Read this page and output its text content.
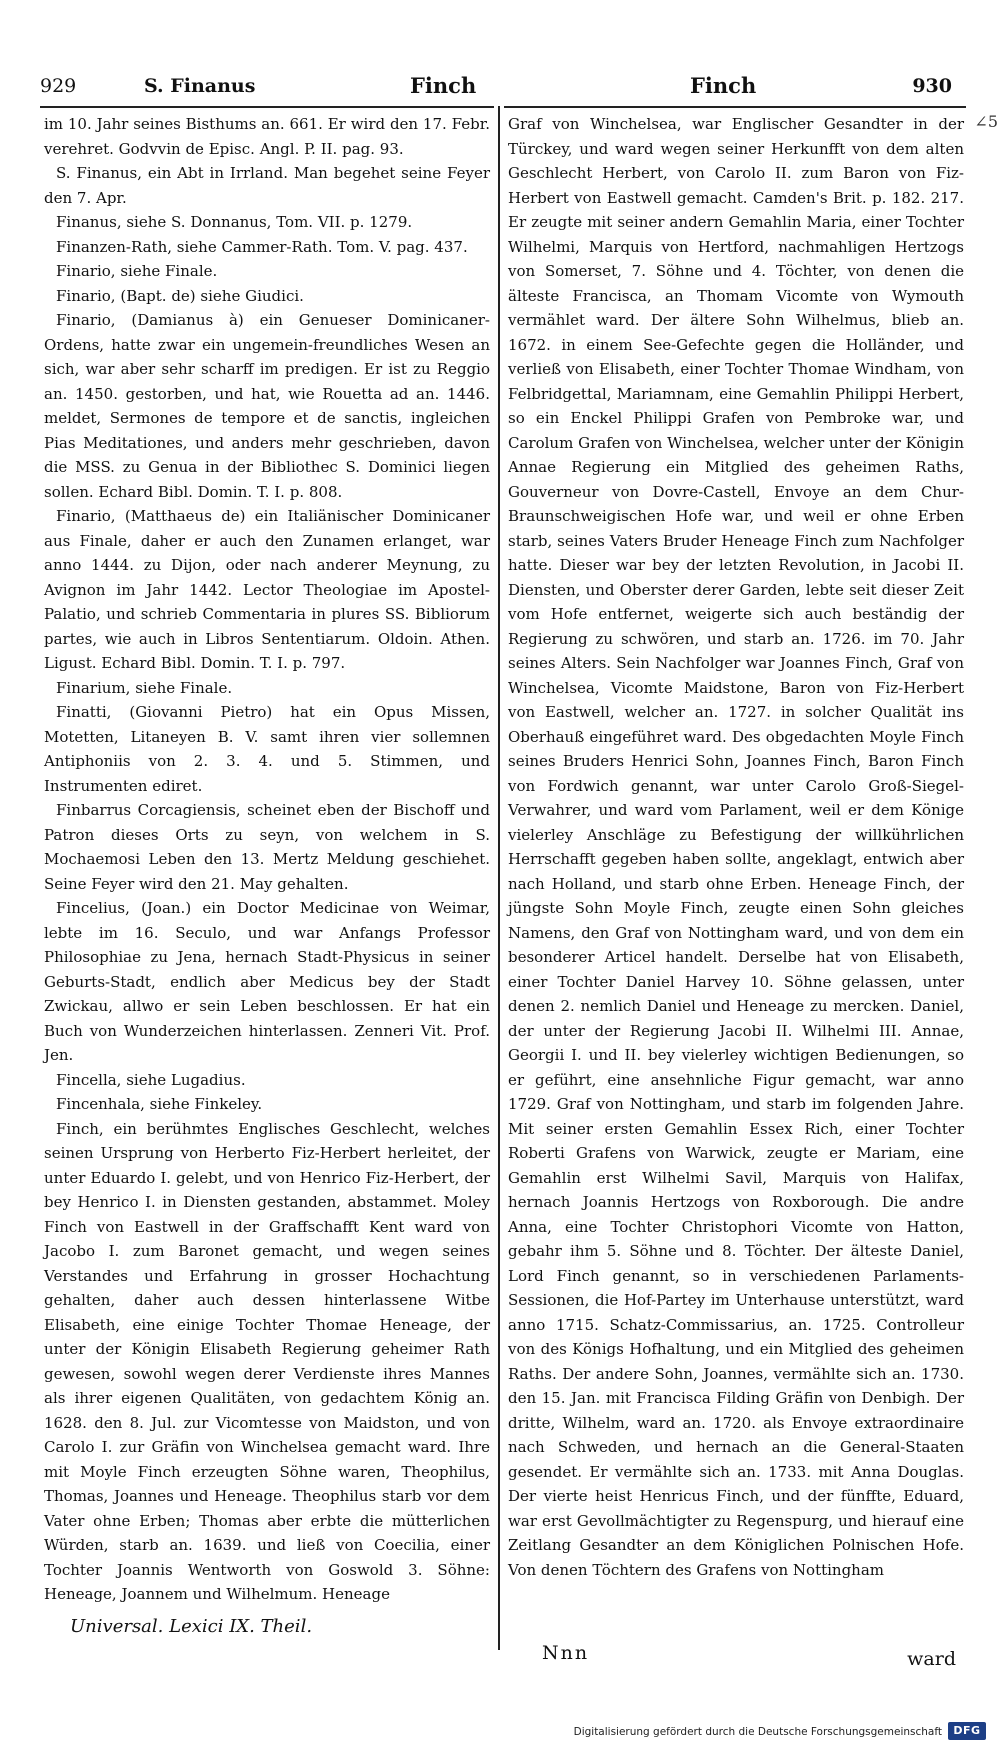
929	S. Finanus	Finch	Finch	930
∠5

im 10. Jahr seines Bisthums an. 661. Er wird den 17. Febr. verehret. Godvvin de Episc. Angl. P. II. pag. 93.

S. Finanus, ein Abt in Irrland. Man begehet seine Feyer den 7. Apr.

Finanus, siehe S. Donnanus, Tom. VII. p. 1279.

Finanzen-Rath, siehe Cammer-Rath. Tom. V. pag. 437.

Finario, siehe Finale.

Finario, (Bapt. de) siehe Giudici.

Finario, (Damianus à) ein Genueser Dominicaner-Ordens, hatte zwar ein ungemein-freundliches Wesen an sich, war aber sehr scharff im predigen. Er ist zu Reggio an. 1450. gestorben, und hat, wie Rouetta ad an. 1446. meldet, Sermones de tempore et de sanctis, ingleichen Pias Meditationes, und anders mehr geschrieben, davon die MSS. zu Genua in der Bibliothec S. Dominici liegen sollen. Echard Bibl. Domin. T. I. p. 808.

Finario, (Matthaeus de) ein Italiänischer Dominicaner aus Finale, daher er auch den Zunamen erlanget, war anno 1444. zu Dijon, oder nach anderer Meynung, zu Avignon im Jahr 1442. Lector Theologiae im Apostel-Palatio, und schrieb Commentaria in plures SS. Bibliorum partes, wie auch in Libros Sententiarum. Oldoin. Athen. Ligust. Echard Bibl. Domin. T. I. p. 797.

Finarium, siehe Finale.

Finatti, (Giovanni Pietro) hat ein Opus Missen, Motetten, Litaneyen B. V. samt ihren vier sollemnen Antiphoniis von 2. 3. 4. und 5. Stimmen, und Instrumenten ediret.

Finbarrus Corcagiensis, scheinet eben der Bischoff und Patron dieses Orts zu seyn, von welchem in S. Mochaemosi Leben den 13. Mertz Meldung geschiehet. Seine Feyer wird den 21. May gehalten.

Fincelius, (Joan.) ein Doctor Medicinae von Weimar, lebte im 16. Seculo, und war Anfangs Professor Philosophiae zu Jena, hernach Stadt-Physicus in seiner Geburts-Stadt, endlich aber Medicus bey der Stadt Zwickau, allwo er sein Leben beschlossen. Er hat ein Buch von Wunderzeichen hinterlassen. Zenneri Vit. Prof. Jen.

Fincella, siehe Lugadius.

Fincenhala, siehe Finkeley.

Finch, ein berühmtes Englisches Geschlecht, welches seinen Ursprung von Herberto Fiz-Herbert herleitet, der unter Eduardo I. gelebt, und von Henrico Fiz-Herbert, der bey Henrico I. in Diensten gestanden, abstammet. Moley Finch von Eastwell in der Graffschafft Kent ward von Jacobo I. zum Baronet gemacht, und wegen seines Verstandes und Erfahrung in grosser Hochachtung gehalten, daher auch dessen hinterlassene Witbe Elisabeth, eine einige Tochter Thomae Heneage, der unter der Königin Elisabeth Regierung geheimer Rath gewesen, sowohl wegen derer Verdienste ihres Mannes als ihrer eigenen Qualitäten, von gedachtem König an. 1628. den 8. Jul. zur Vicomtesse von Maidston, und von Carolo I. zur Gräfin von Winchelsea gemacht ward. Ihre mit Moyle Finch erzeugten Söhne waren, Theophilus, Thomas, Joannes und Heneage. Theophilus starb vor dem Vater ohne Erben; Thomas aber erbte die mütterlichen Würden, starb an. 1639. und ließ von Coecilia, einer Tochter Joannis Wentworth von Goswold 3. Söhne: Heneage, Joannem und Wilhelmum. Heneage

Graf von Winchelsea, war Englischer Gesandter in der Türckey, und ward wegen seiner Herkunfft von dem alten Geschlecht Herbert, von Carolo II. zum Baron von Fiz-Herbert von Eastwell gemacht. Camden's Brit. p. 182. 217. Er zeugte mit seiner andern Gemahlin Maria, einer Tochter Wilhelmi, Marquis von Hertford, nachmahligen Hertzogs von Somerset, 7. Söhne und 4. Töchter, von denen die älteste Francisca, an Thomam Vicomte von Wymouth vermählet ward. Der ältere Sohn Wilhelmus, blieb an. 1672. in einem See-Gefechte gegen die Holländer, und verließ von Elisabeth, einer Tochter Thomae Windham, von Felbridgettal, Mariamnam, eine Gemahlin Philippi Herbert, so ein Enckel Philippi Grafen von Pembroke war, und Carolum Grafen von Winchelsea, welcher unter der Königin Annae Regierung ein Mitglied des geheimen Raths, Gouverneur von Dovre-Castell, Envoye an dem Chur-Braunschweigischen Hofe war, und weil er ohne Erben starb, seines Vaters Bruder Heneage Finch zum Nachfolger hatte. Dieser war bey der letzten Revolution, in Jacobi II. Diensten, und Oberster derer Garden, lebte seit dieser Zeit vom Hofe entfernet, weigerte sich auch beständig der Regierung zu schwören, und starb an. 1726. im 70. Jahr seines Alters. Sein Nachfolger war Joannes Finch, Graf von Winchelsea, Vicomte Maidstone, Baron von Fiz-Herbert von Eastwell, welcher an. 1727. in solcher Qualität ins Oberhauß eingeführet ward. Des obgedachten Moyle Finch seines Bruders Henrici Sohn, Joannes Finch, Baron Finch von Fordwich genannt, war unter Carolo Groß-Siegel-Verwahrer, und ward vom Parlament, weil er dem Könige vielerley Anschläge zu Befestigung der willkührlichen Herrschafft gegeben haben sollte, angeklagt, entwich aber nach Holland, und starb ohne Erben. Heneage Finch, der jüngste Sohn Moyle Finch, zeugte einen Sohn gleiches Namens, den Graf von Nottingham ward, und von dem ein besonderer Articel handelt. Derselbe hat von Elisabeth, einer Tochter Daniel Harvey 10. Söhne gelassen, unter denen 2. nemlich Daniel und Heneage zu mercken. Daniel, der unter der Regierung Jacobi II. Wilhelmi III. Annae, Georgii I. und II. bey vielerley wichtigen Bedienungen, so er geführt, eine ansehnliche Figur gemacht, war anno 1729. Graf von Nottingham, und starb im folgenden Jahre. Mit seiner ersten Gemahlin Essex Rich, einer Tochter Roberti Grafens von Warwick, zeugte er Mariam, eine Gemahlin erst Wilhelmi Savil, Marquis von Halifax, hernach Joannis Hertzogs von Roxborough. Die andre Anna, eine Tochter Christophori Vicomte von Hatton, gebahr ihm 5. Söhne und 8. Töchter. Der älteste Daniel, Lord Finch genannt, so in verschiedenen Parlaments-Sessionen, die Hof-Partey im Unterhause unterstützt, ward anno 1715. Schatz-Commissarius, an. 1725. Controlleur von des Königs Hofhaltung, und ein Mitglied des geheimen Raths. Der andere Sohn, Joannes, vermählte sich an. 1730. den 15. Jan. mit Francisca Filding Gräfin von Denbigh. Der dritte, Wilhelm, ward an. 1720. als Envoye extraordinaire nach Schweden, und hernach an die General-Staaten gesendet. Er vermählte sich an. 1733. mit Anna Douglas. Der vierte heist Henricus Finch, und der fünffte, Eduard, war erst Gevollmächtigter zu Regenspurg, und hierauf eine Zeitlang Gesandter an dem Königlichen Polnischen Hofe. Von denen Töchtern des Grafens von Nottingham

Universal. Lexici IX. Theil.
Nnn	ward
Digitalisierung gefördert durch die Deutsche Forschungsgemeinschaft	DFG
